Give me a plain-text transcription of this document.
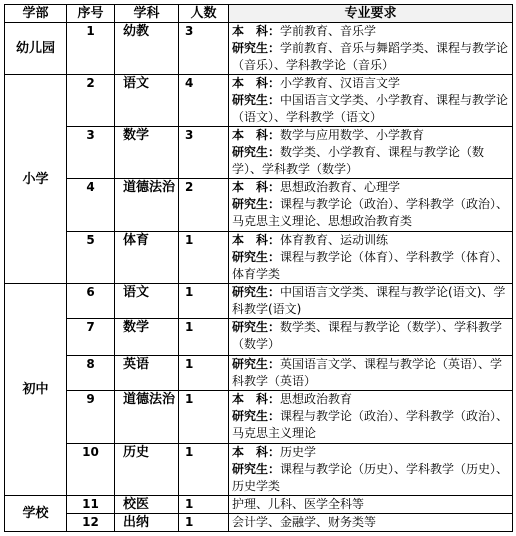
学部	序号	学科	人数	专业要求
幼儿园	1	幼教	3	本　科：学前教育、音乐学
研究生：学前教育、音乐与舞蹈学类、课程与教学论（音乐）、学科教学论（音乐）

小学	2	语文	4	本　科：小学教育、汉语言文学
研究生：中国语言文学类、小学教育、课程与教学论（语文）、学科教学（语文）

	3	数学	3	本　科：数学与应用数学、小学教育
研究生：数学类、小学教育、课程与教学论（数学）、学科教学（数学）

	4	道德法治	2	本　科：思想政治教育、心理学
研究生：课程与教学论（政治）、学科教学（政治）、马克思主义理论、思想政治教育类

	5	体育	1	本　科：体育教育、运动训练
研究生：课程与教学论（体育）、学科教学（体育）、体育学类

初中	6	语文	1	研究生：中国语言文学类、课程与教学论(语文)、学科教学(语文)

	7	数学	1	研究生：数学类、课程与教学论（数学）、学科教学（数学）

	8	英语	1	研究生：英国语言文学、课程与教学论（英语）、学科教学（英语）

	9	道德法治	1	本　科：思想政治教育
研究生：课程与教学论（政治）、学科教学（政治）、马克思主义理论

	10	历史	1	本　科：历史学
研究生：课程与教学论（历史）、学科教学（历史）、历史学类

学校	11	校医	1	护理、儿科、医学全科等

	12	出纳	1	会计学、金融学、财务类等
